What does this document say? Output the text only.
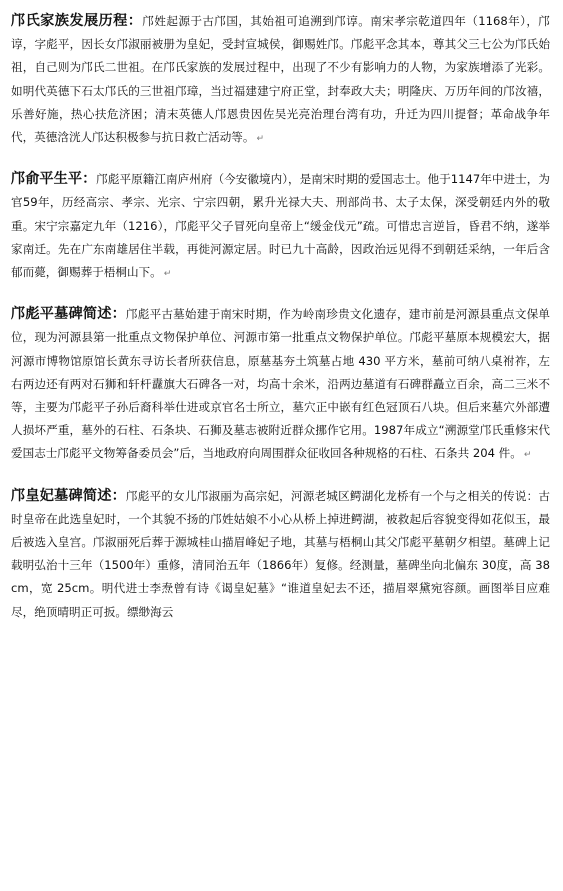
邝氏家族发展历程：邝姓起源于古邝国，其始祖可追溯到邝谆。南宋孝宗乾道四年（1168年），邝谆，字彪平，因长女邝淑丽被册为皇妃，受封宣城侯，御赐姓邝。邝彪平念其本，尊其父三七公为邝氏始祖，自己则为邝氏二世祖。在邝氏家族的发展过程中，出现了不少有影响力的人物，为家族增添了光彩。如明代英德下石太邝氏的三世祖邝璋，当过福建建宁府正堂，封奉政大夫；明隆庆、万历年间的邝汝禧，乐善好施，热心扶危济困；清末英德人邝恩贵因佐吴光亮治理台湾有功，升迁为四川提督；革命战争年代，英德浛洸人邝达积极参与抗日救亡活动等。 ↵

邝俞平生平：邝彪平原籍江南庐州府（今安徽境内），是南宋时期的爱国志士。他于1147年中进士，为官59年，历经高宗、孝宗、光宗、宁宗四朝，累升光禄大夫、刑部尚书、太子太保，深受朝廷内外的敬重。宋宁宗嘉定九年（1216），邝彪平父子冒死向皇帝上“缓金伐元”疏。可惜忠言逆旨，昏君不纳，遂举家南迁。先在广东南雄居住半载，再徙河源定居。时已九十高龄，因政治远见得不到朝廷采纳，一年后含郁而薨，御赐葬于梧桐山下。 ↵

邝彪平墓碑简述：邝彪平古墓始建于南宋时期，作为岭南珍贵文化遗存，建市前是河源县重点文保单位，现为河源县第一批重点文物保护单位、河源市第一批重点文物保护单位。邝彪平墓原本规模宏大，据河源市博物馆原馆长黄东寻访长者所获信息，原墓基夯土筑墓占地 430 平方米，墓前可纳八桌祔祚，左右两边还有两对石狮和轩杆纛旗大石碑各一对，均高十余米，沿两边墓道有石碑群矗立百余，高二三米不等，主要为邝彪平子孙后裔科举仕进或京官名士所立，墓穴正中嵌有红色冠顶石八块。但后来墓穴外部遭人损坏严重，墓外的石柱、石条块、石狮及墓志被附近群众挪作它用。1987年成立“溯源堂邝氏重修宋代爱国志士邝彪平文物筹备委员会”后，当地政府向周围群众征收回各种规格的石柱、石条共 204 件。 ↵

邝皇妃墓碑简述：邝彪平的女儿邝淑丽为高宗妃，河源老城区鳄湖化龙桥有一个与之相关的传说：古时皇帝在此选皇妃时，一个其貌不扬的邝姓姑娘不小心从桥上掉进鳄湖，被救起后容貌变得如花似玉，最后被选入皇宫。邝淑丽死后葬于源城桂山描眉峰妃子地，其墓与梧桐山其父邝彪平墓朝夕相望。墓碑上记载明弘治十三年（1500年）重修，清同治五年（1866年）复修。经测量，墓碑坐向北偏东 30度，高 38cm，宽 25cm。明代进士李焘曾有诗《谒皇妃墓》“谁道皇妃去不还，描眉翠黛宛容颜。画图举目应难尽，绝顶晴明正可扳。缥缈海云
